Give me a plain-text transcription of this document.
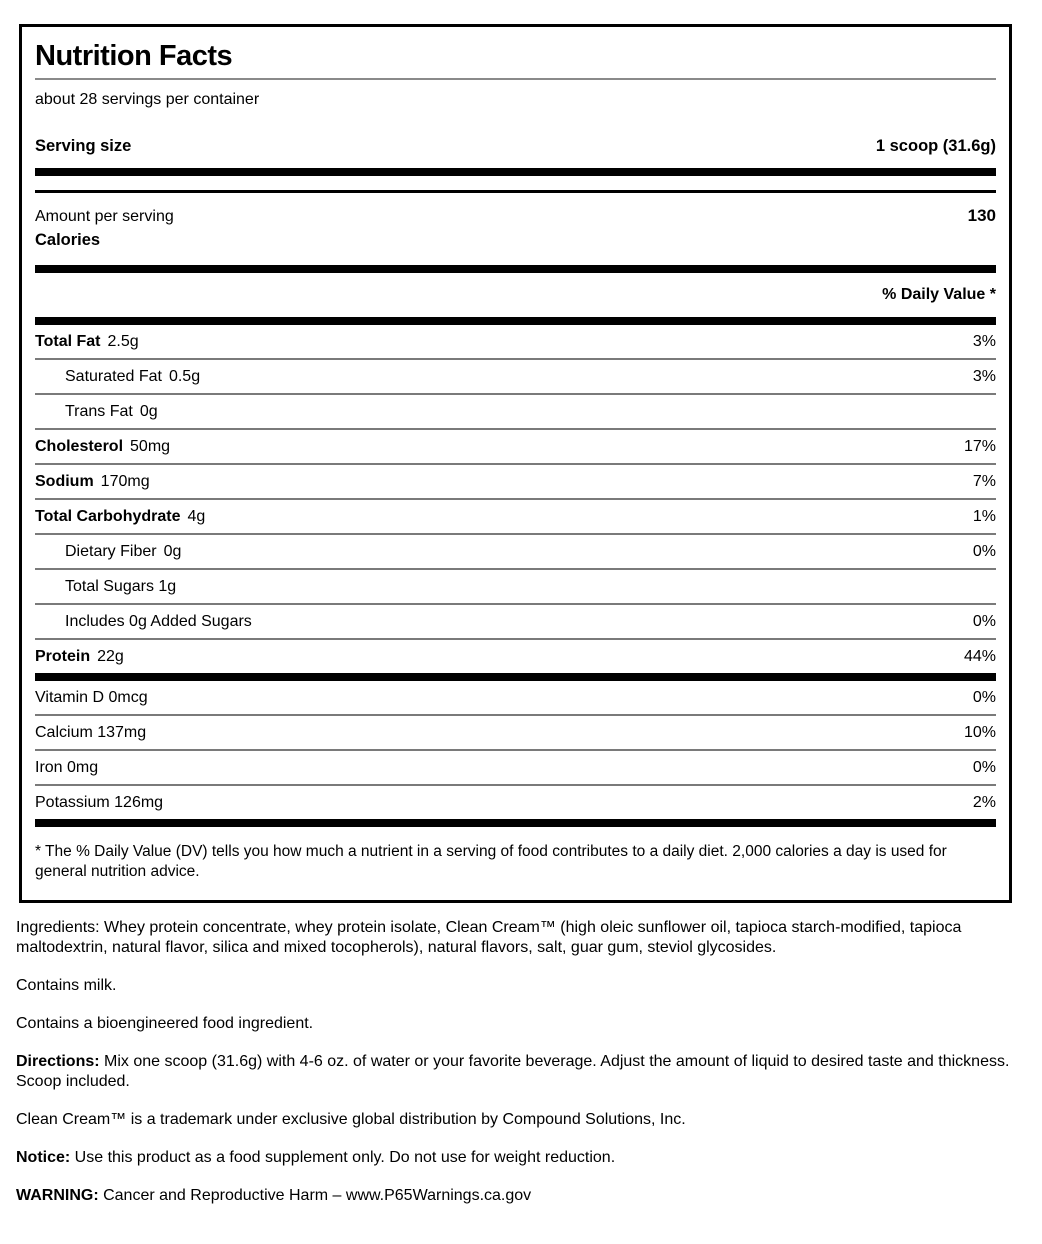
Nutrition Facts
about 28 servings per container
Serving size	1 scoop (31.6g)
Amount per serving	130
Calories
% Daily Value *
Total Fat 2.5g	3%
Saturated Fat 0.5g	3%
Trans Fat 0g
Cholesterol 50mg	17%
Sodium 170mg	7%
Total Carbohydrate 4g	1%
Dietary Fiber 0g	0%
Total Sugars 1g
Includes 0g Added Sugars	0%
Protein 22g	44%
Vitamin D 0mcg	0%
Calcium 137mg	10%
Iron 0mg	0%
Potassium 126mg	2%
* The % Daily Value (DV) tells you how much a nutrient in a serving of food contributes to a daily diet. 2,000 calories a day is used for general nutrition advice.

Ingredients: Whey protein concentrate, whey protein isolate, Clean Cream™ (high oleic sunflower oil, tapioca starch-modified, tapioca maltodextrin, natural flavor, silica and mixed tocopherols), natural flavors, salt, guar gum, steviol glycosides.

Contains milk.

Contains a bioengineered food ingredient.

Directions: Mix one scoop (31.6g) with 4-6 oz. of water or your favorite beverage. Adjust the amount of liquid to desired taste and thickness. Scoop included.

Clean Cream™ is a trademark under exclusive global distribution by Compound Solutions, Inc.

Notice: Use this product as a food supplement only. Do not use for weight reduction.

WARNING: Cancer and Reproductive Harm – www.P65Warnings.ca.gov
